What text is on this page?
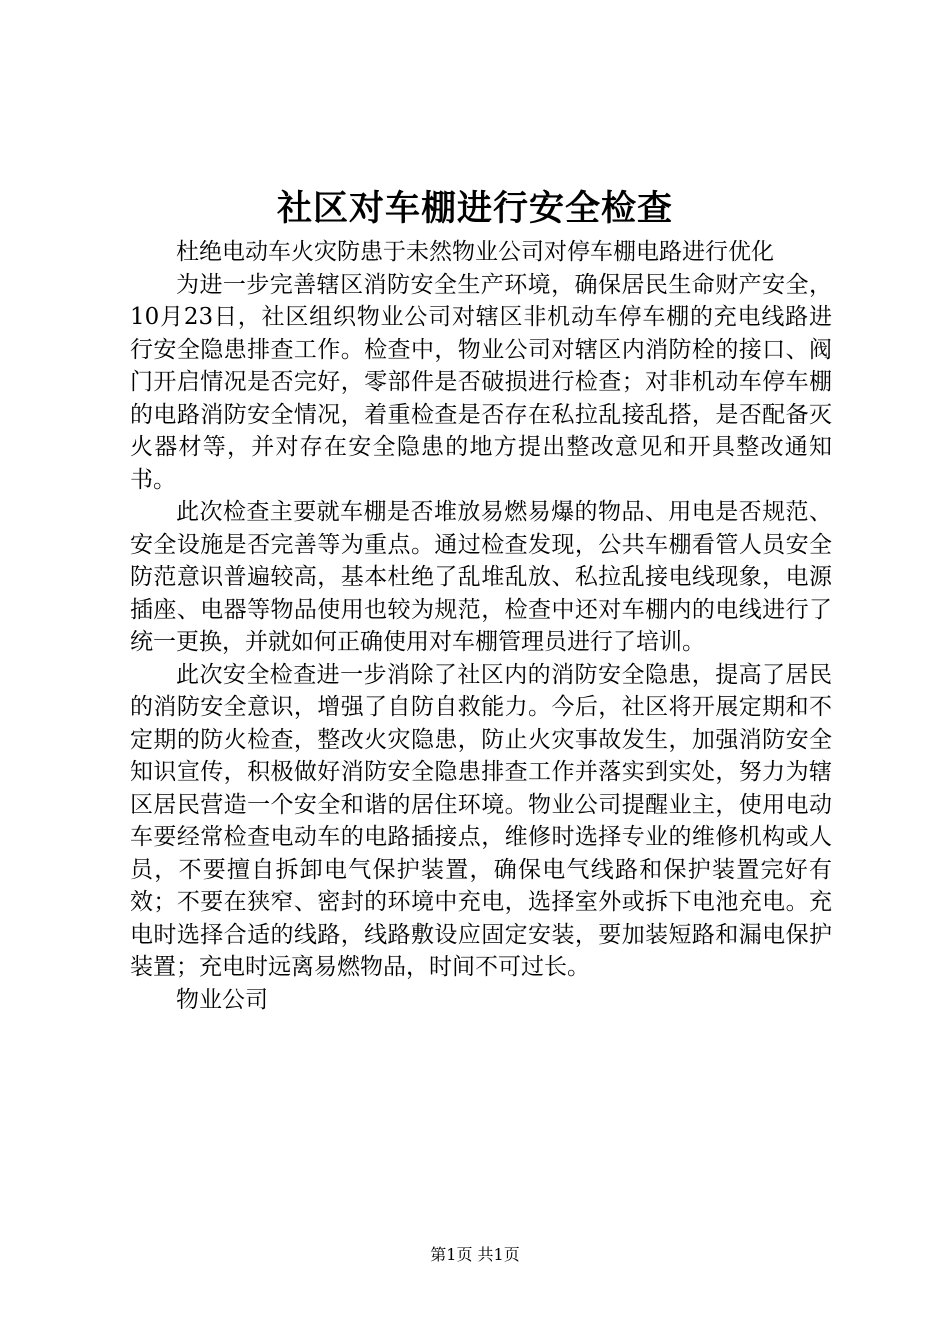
社区对车棚进行安全检查

杜绝电动车火灾防患于未然物业公司对停车棚电路进行优化

为进一步完善辖区消防安全生产环境，确保居民生命财产安全，10月23日，社区组织物业公司对辖区非机动车停车棚的充电线路进行安全隐患排查工作。检查中，物业公司对辖区内消防栓的接口、阀门开启情况是否完好，零部件是否破损进行检查；对非机动车停车棚的电路消防安全情况，着重检查是否存在私拉乱接乱搭，是否配备灭火器材等，并对存在安全隐患的地方提出整改意见和开具整改通知书。

此次检查主要就车棚是否堆放易燃易爆的物品、用电是否规范、安全设施是否完善等为重点。通过检查发现，公共车棚看管人员安全防范意识普遍较高，基本杜绝了乱堆乱放、私拉乱接电线现象，电源插座、电器等物品使用也较为规范，检查中还对车棚内的电线进行了统一更换，并就如何正确使用对车棚管理员进行了培训。

此次安全检查进一步消除了社区内的消防安全隐患，提高了居民的消防安全意识，增强了自防自救能力。今后，社区将开展定期和不定期的防火检查，整改火灾隐患，防止火灾事故发生，加强消防安全知识宣传，积极做好消防安全隐患排查工作并落实到实处，努力为辖区居民营造一个安全和谐的居住环境。物业公司提醒业主，使用电动车要经常检查电动车的电路插接点，维修时选择专业的维修机构或人员，不要擅自拆卸电气保护装置，确保电气线路和保护装置完好有效；不要在狭窄、密封的环境中充电，选择室外或拆下电池充电。充电时选择合适的线路，线路敷设应固定安装，要加装短路和漏电保护装置；充电时远离易燃物品，时间不可过长。

物业公司

第1页 共1页
